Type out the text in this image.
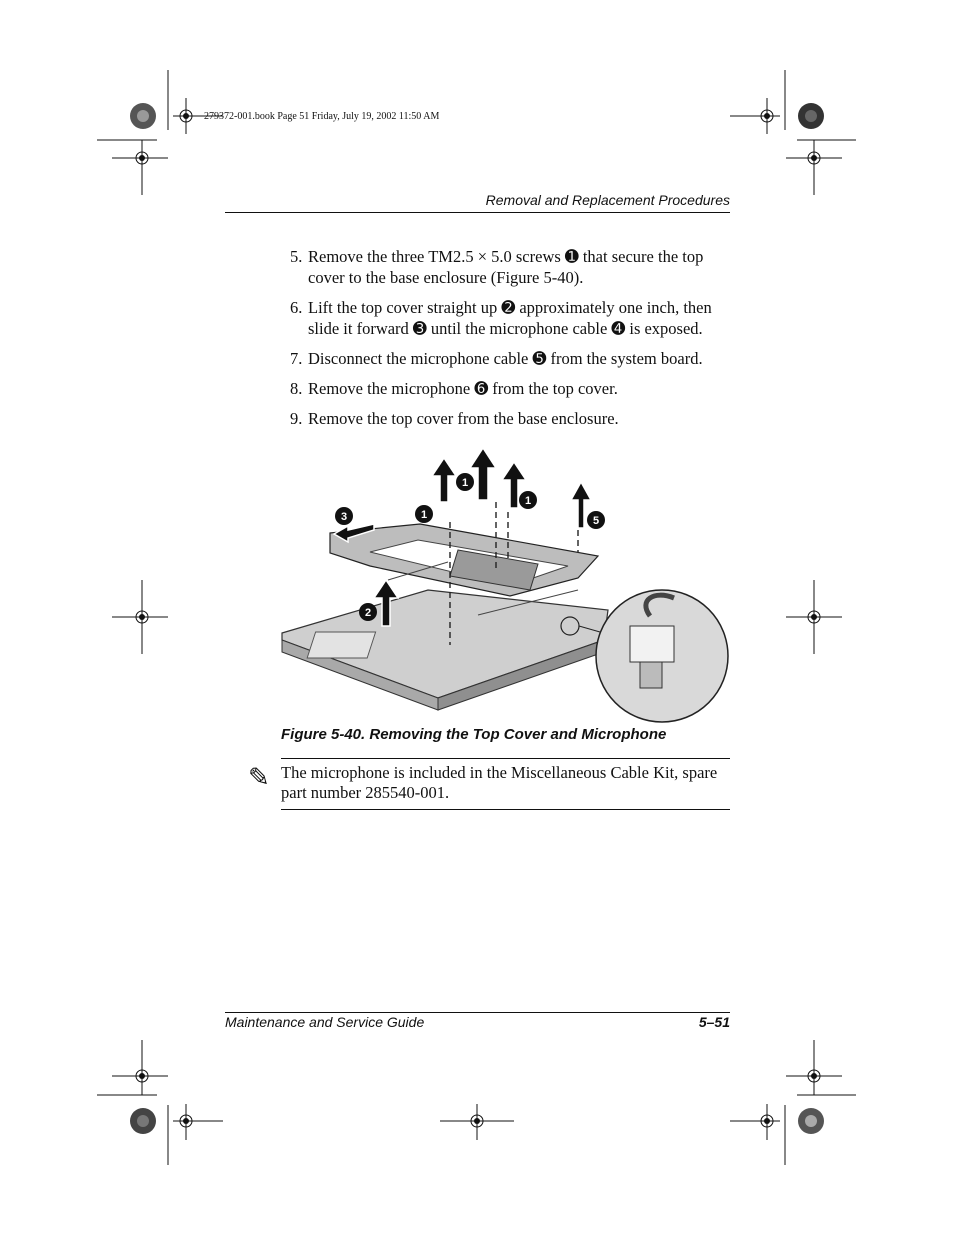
279372-001.book Page 51 Friday, July 19, 2002 11:50 AM
Removal and Replacement Procedures
5. Remove the three TM2.5 × 5.0 screws ➊ that secure the top cover to the base enclosure (Figure 5-40).
6. Lift the top cover straight up ➋ approximately one inch, then slide it forward ➌ until the microphone cable ➍ is exposed.
7. Disconnect the microphone cable ➎ from the system board.
8. Remove the microphone ➏ from the top cover.
9. Remove the top cover from the base enclosure.
1
1
1
5
3
2
Figure 5-40. Removing the Top Cover and Microphone
✎ The microphone is included in the Miscellaneous Cable Kit, spare part number 285540-001.
Maintenance and Service Guide	5–51
